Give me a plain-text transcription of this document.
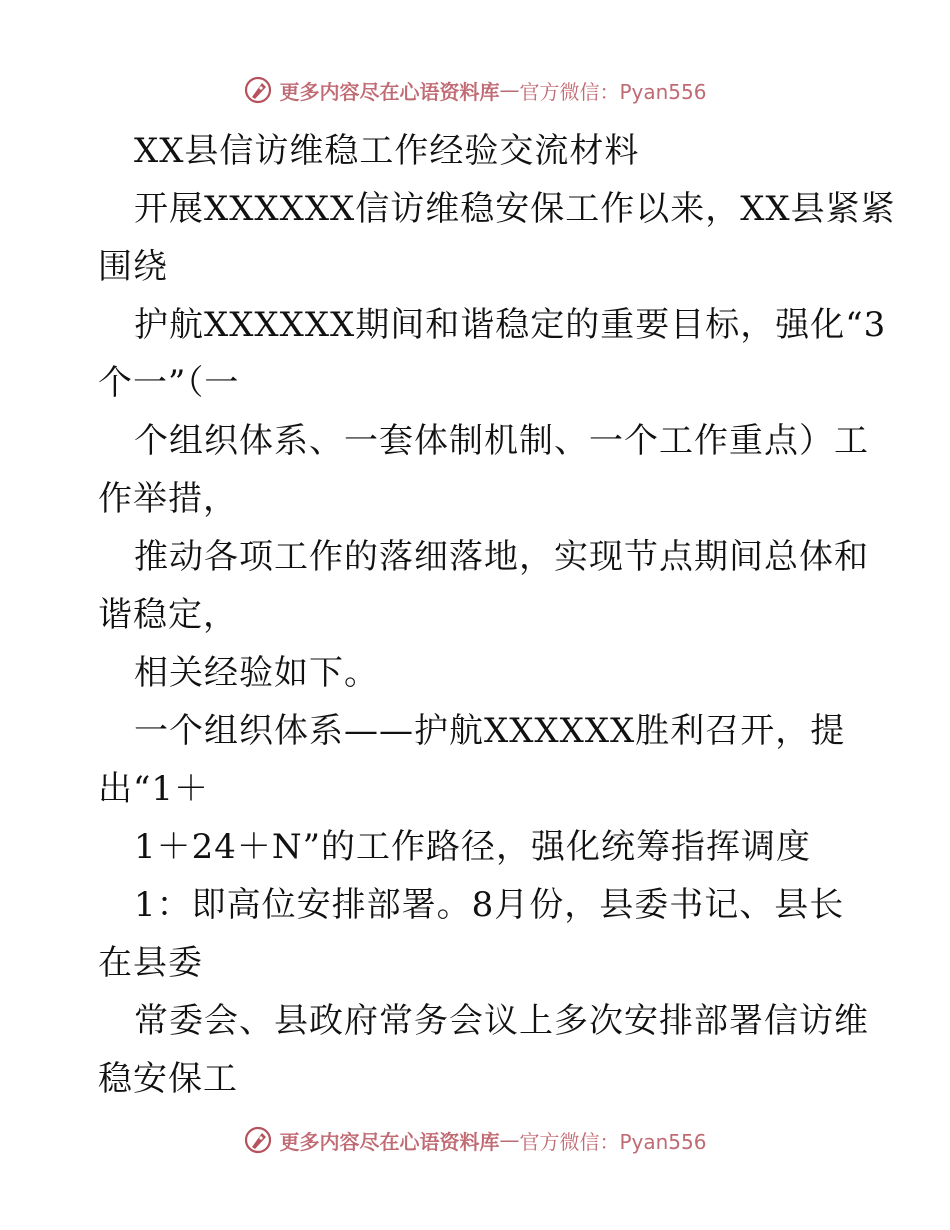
更多内容尽在心语资料库 — 官方微信：Pyan556
XX县信访维稳工作经验交流材料
开展XXXXXX信访维稳安保工作以来，XX县紧紧
围绕
护航XXXXXX期间和谐稳定的重要目标，强化“3
个一”（一
个组织体系、一套体制机制、一个工作重点）工
作举措，
推动各项工作的落细落地，实现节点期间总体和
谐稳定，
相关经验如下。
一个组织体系——护航XXXXXX胜利召开，提
出“1＋
1＋24＋N”的工作路径，强化统筹指挥调度
1：即高位安排部署。8月份，县委书记、县长
在县委
常委会、县政府常务会议上多次安排部署信访维
稳安保工
更多内容尽在心语资料库 — 官方微信：Pyan556
